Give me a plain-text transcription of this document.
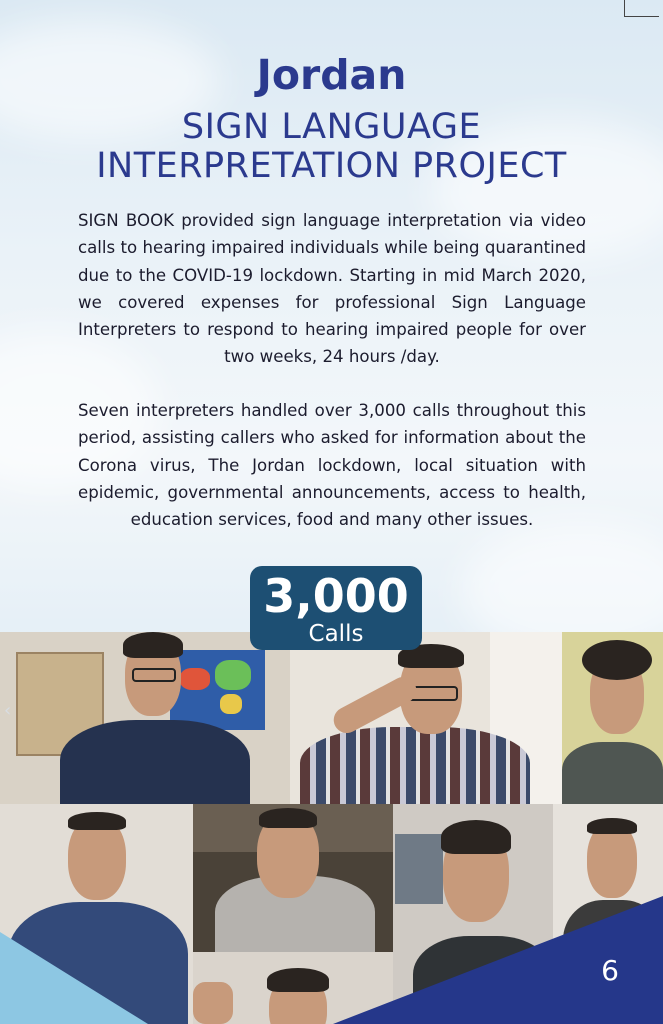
Jordan
SIGN LANGUAGE
INTERPRETATION PROJECT
SIGN BOOK provided sign language interpretation via video calls to hearing impaired individuals while being quarantined due to the COVID-19 lockdown. Starting in mid March 2020, we covered expenses for professional Sign Language Interpreters to respond to hearing impaired people for over two weeks, 24 hours /day.
Seven interpreters handled over 3,000 calls throughout this period, assisting callers who asked for information about the Corona virus, The Jordan lockdown, local situation with epidemic, governmental announcements, access to health, education services, food and many other issues.
‹
3,000
Calls
6
